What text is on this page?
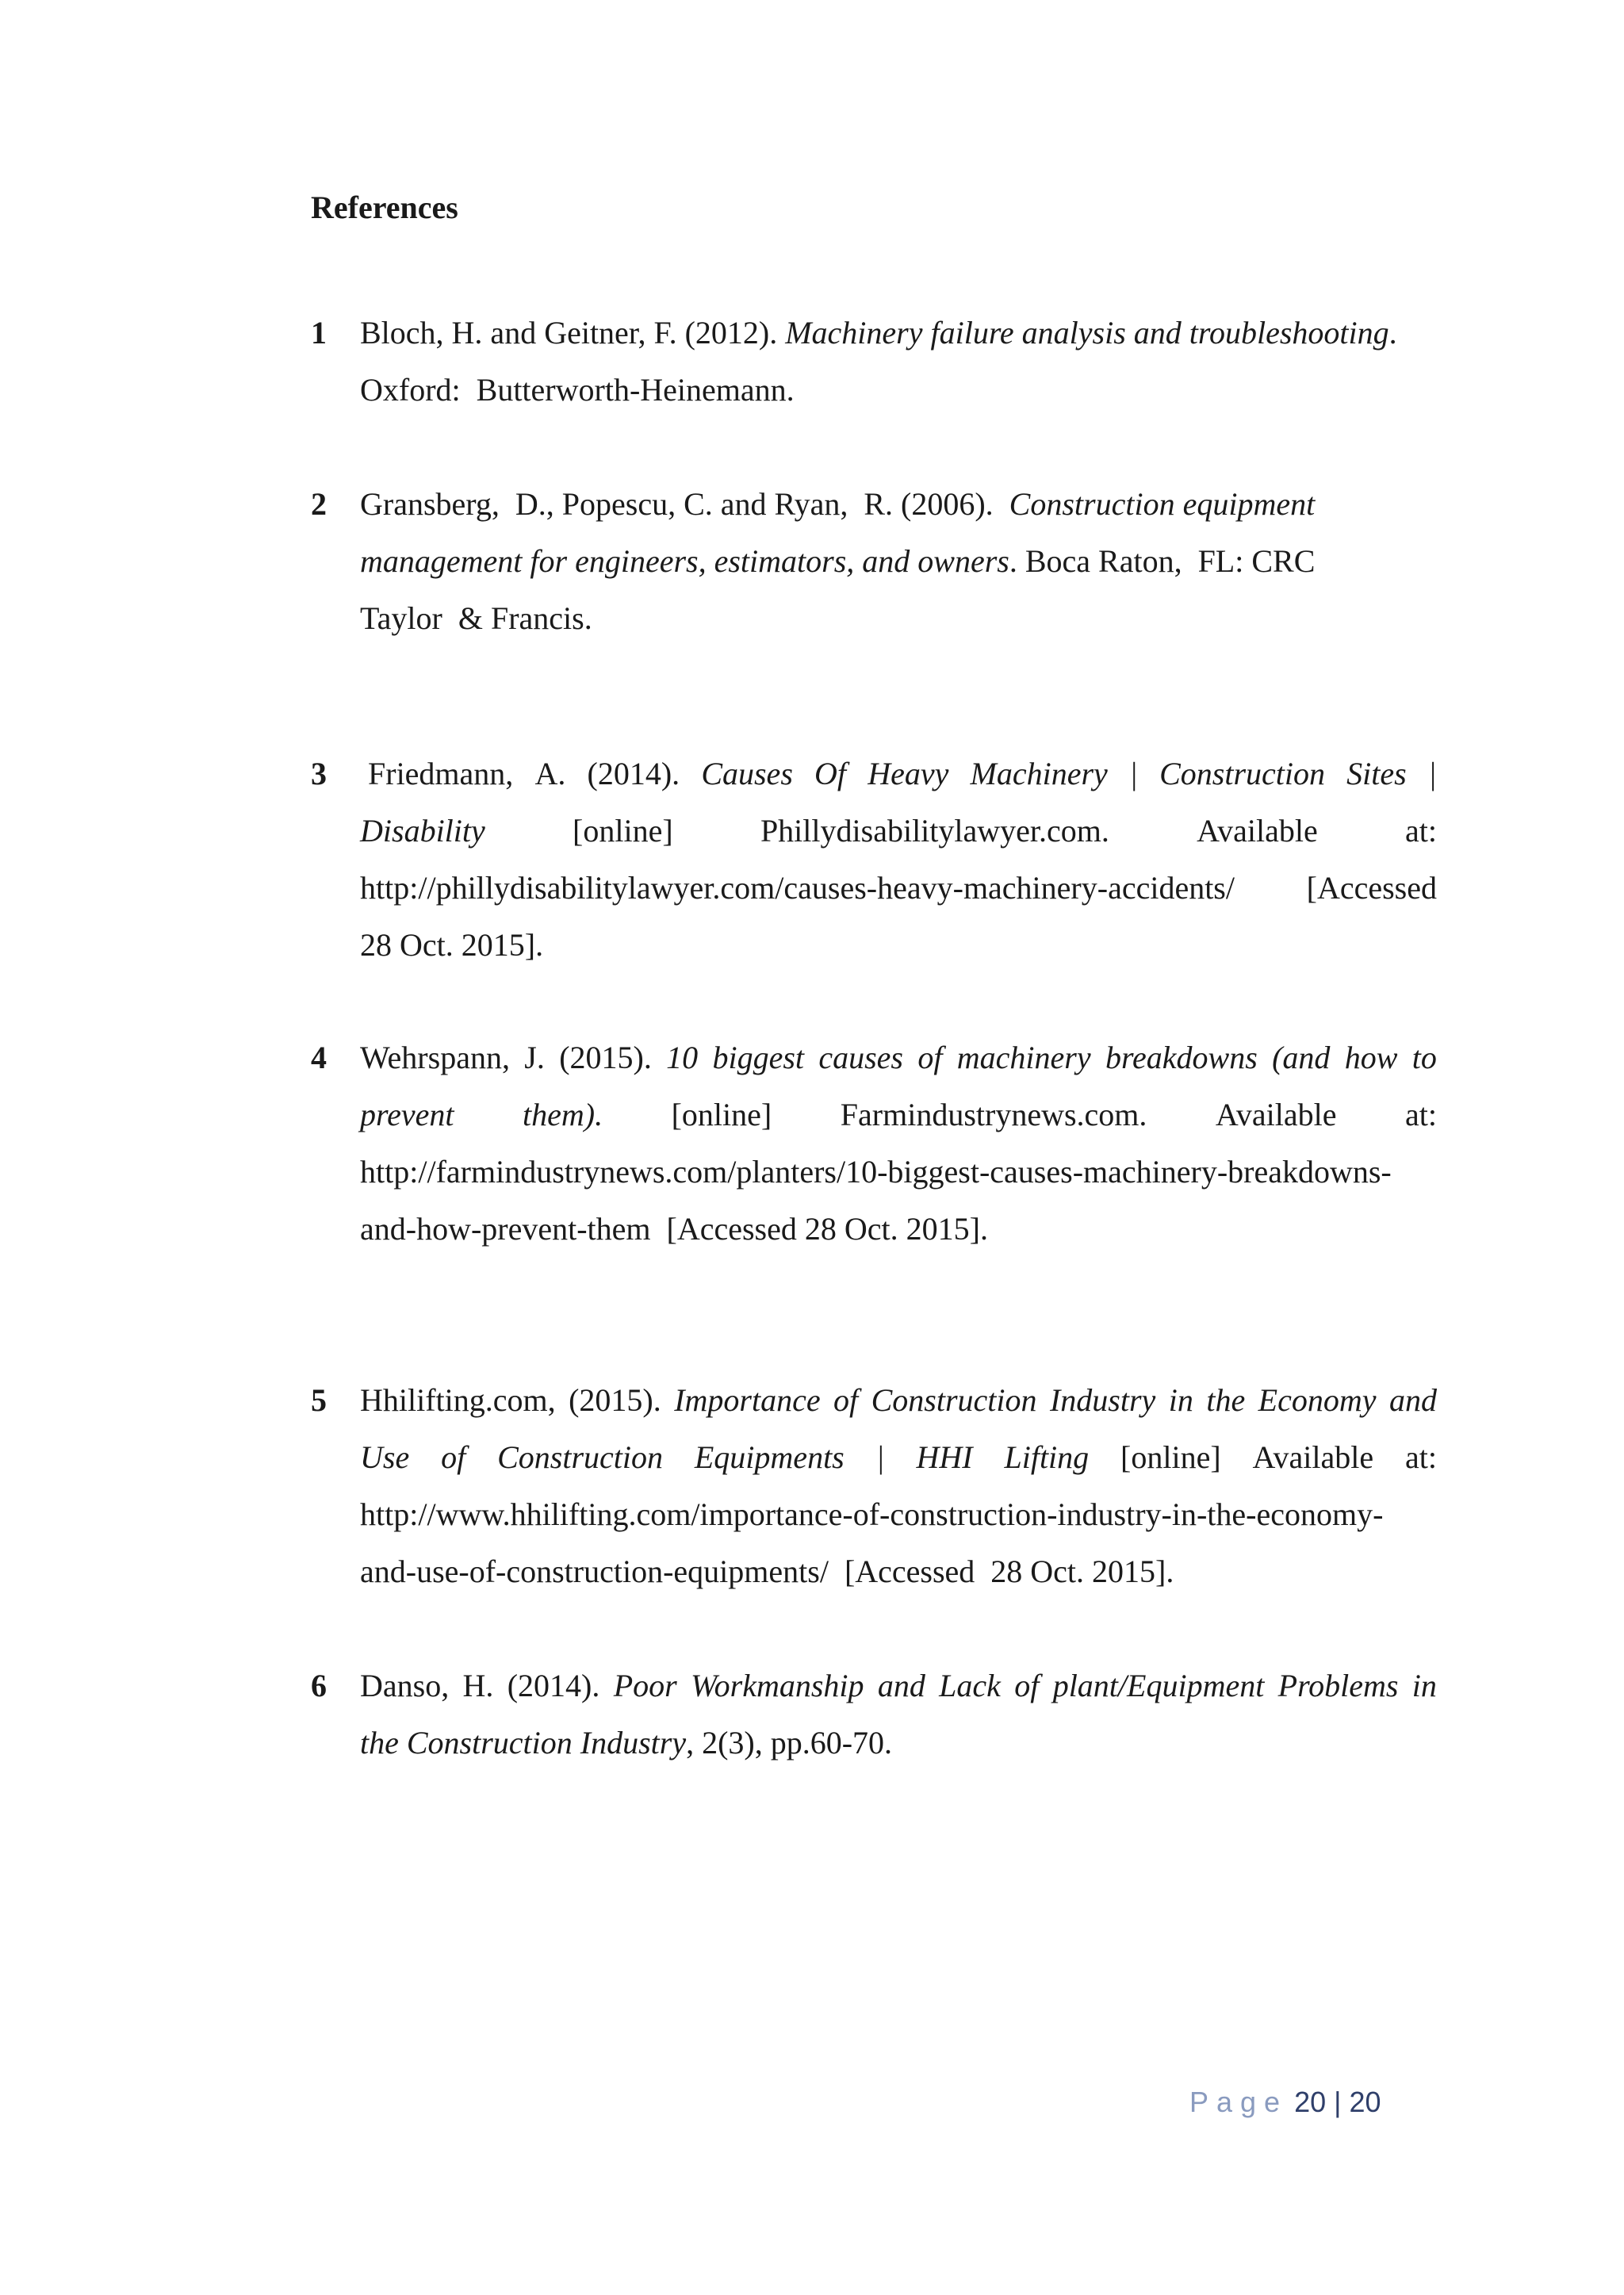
References
1 Bloch, H. and Geitner, F. (2012). Machinery failure analysis and troubleshooting.
Oxford:  Butterworth-Heinemann.
2 Gransberg,  D., Popescu, C. and Ryan,  R. (2006).  Construction equipment
management for engineers, estimators, and owners. Boca Raton,  FL: CRC
Taylor  & Francis.
3 Friedmann, A. (2014). Causes Of Heavy Machinery | Construction Sites |
Disability	[online]	Phillydisabilitylawyer.com.	Available	at:
http://phillydisabilitylawyer.com/causes-heavy-machinery-accidents/ [Accessed
28 Oct. 2015].
4 Wehrspann, J. (2015). 10 biggest causes of machinery breakdowns (and how to
prevent them). [online] Farmindustrynews.com. Available at:
http://farmindustrynews.com/planters/10-biggest-causes-machinery-breakdowns-
and-how-prevent-them  [Accessed 28 Oct. 2015].
5 Hhilifting.com, (2015). Importance of Construction Industry in the Economy and
Use of Construction Equipments | HHI Lifting [online] Available at:
http://www.hhilifting.com/importance-of-construction-industry-in-the-economy-
and-use-of-construction-equipments/  [Accessed  28 Oct. 2015].
6 Danso, H. (2014). Poor Workmanship and Lack of plant/Equipment Problems in
the Construction Industry, 2(3), pp.60-70.
Page 20 | 20
